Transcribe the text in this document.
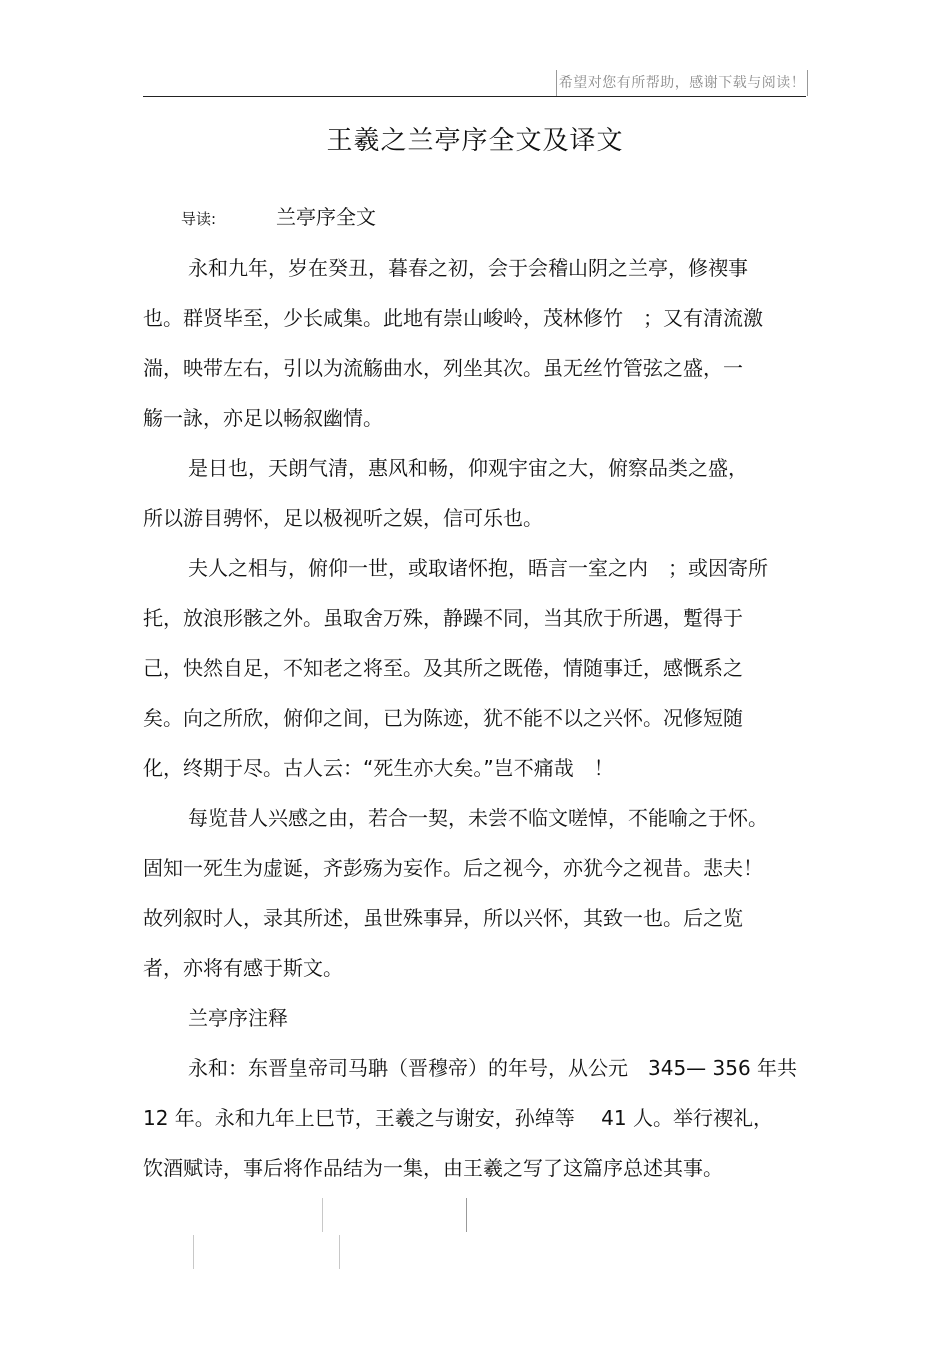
希望对您有所帮助，感谢下载与阅读！
王羲之兰亭序全文及译文
导读:	兰亭序全文
永和九年，岁在癸丑，暮春之初，会于会稽山阴之兰亭，修禊事
也。群贤毕至，少长咸集。此地有崇山峻岭，茂林修竹　；又有清流激
湍，映带左右，引以为流觞曲水，列坐其次。虽无丝竹管弦之盛，一
觞一詠，亦足以畅叙幽情。
是日也，天朗气清，惠风和畅，仰观宇宙之大，俯察品类之盛，
所以游目骋怀，足以极视听之娱，信可乐也。
夫人之相与，俯仰一世，或取诸怀抱，晤言一室之内　；或因寄所
托，放浪形骸之外。虽取舍万殊，静躁不同，当其欣于所遇，蹔得于
己，快然自足，不知老之将至。及其所之既倦，情随事迁，感慨系之
矣。向之所欣，俯仰之间，已为陈迹，犹不能不以之兴怀。况修短随
化，终期于尽。古人云：“死生亦大矣。”岂不痛哉　！
每览昔人兴感之由，若合一契，未尝不临文嗟悼，不能喻之于怀。
固知一死生为虚诞，齐彭殇为妄作。后之视今，亦犹今之视昔。悲夫！
故列叙时人，录其所述，虽世殊事异，所以兴怀，其致一也。后之览
者，亦将有感于斯文。
兰亭序注释
永和：东晋皇帝司马聃（晋穆帝）的年号，从公元　345— 356 年共
12 年。永和九年上巳节，王羲之与谢安，孙绰等　 41 人。举行禊礼，
饮酒赋诗，事后将作品结为一集，由王羲之写了这篇序总述其事。
